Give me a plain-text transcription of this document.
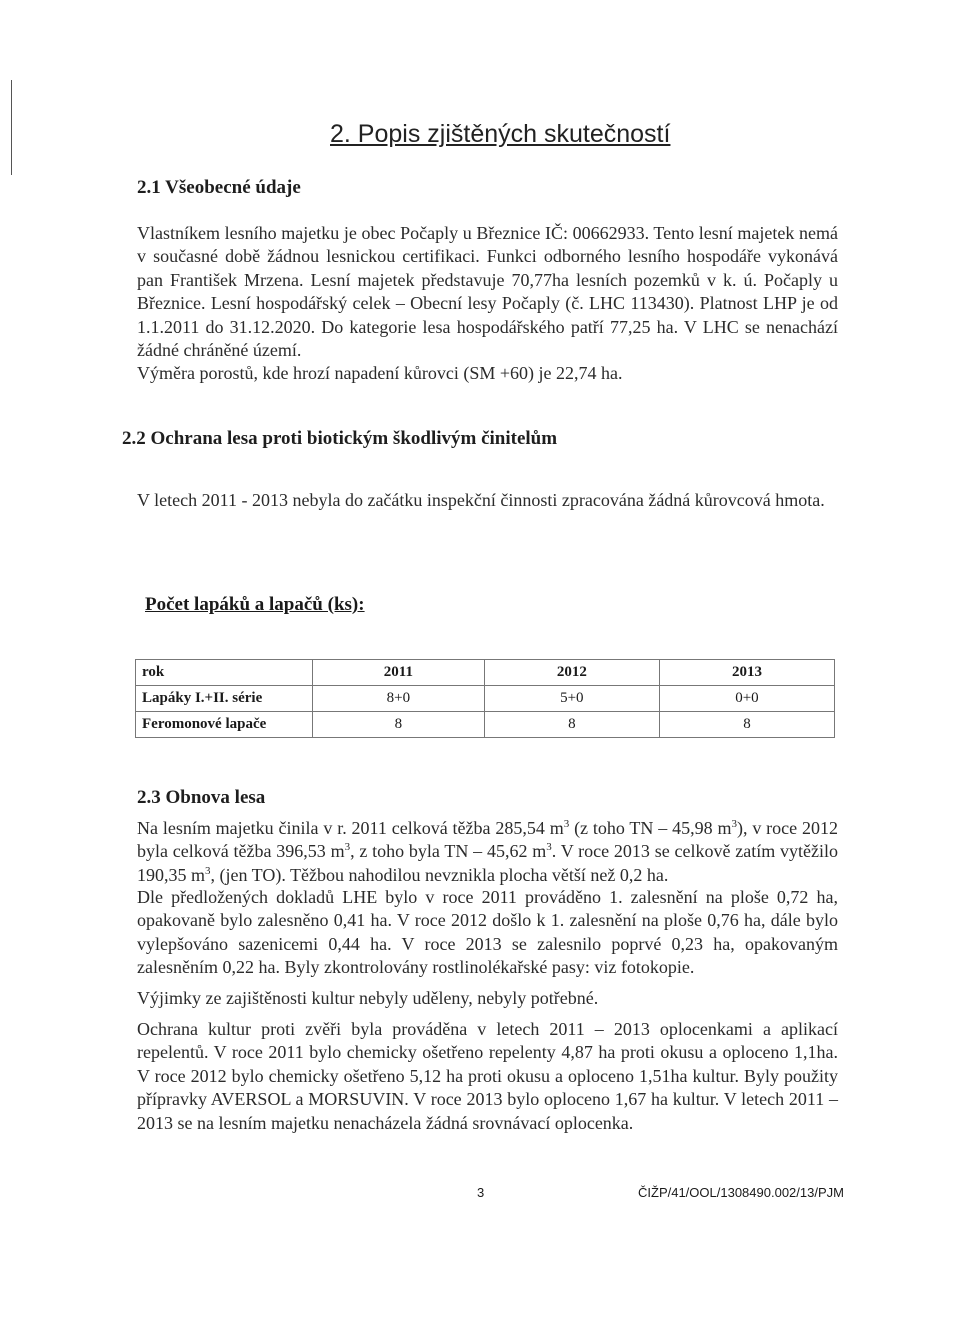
2. Popis zjištěných skutečností
2.1 Všeobecné údaje

Vlastníkem lesního majetku je obec Počaply u Březnice IČ: 00662933. Tento lesní majetek nemá v současné době žádnou lesnickou certifikaci. Funkci odborného lesního hospodáře vykonává pan František Mrzena. Lesní majetek představuje 70,77ha lesních pozemků v k. ú. Počaply u Březnice. Lesní hospodářský celek – Obecní lesy Počaply (č. LHC 113430). Platnost LHP je od 1.1.2011 do 31.12.2020. Do kategorie lesa hospodářského patří 77,25 ha. V LHC se nenachází žádné chráněné území.

Výměra porostů, kde hrozí napadení kůrovci (SM +60) je 22,74 ha.

2.2 Ochrana lesa proti biotickým škodlivým činitelům

V letech 2011 - 2013 nebyla do začátku inspekční činnosti zpracována žádná kůrovcová hmota.

Počet lapáků a lapačů (ks):
rok	2011	2012	2013
Lapáky I.+II. série	8+0	5+0	0+0
Feromonové lapače	8	8	8
2.3 Obnova lesa

Na lesním majetku činila v r. 2011 celková těžba 285,54 $m^3$ (z toho TN – 45,98 $m^3$), v roce 2012 byla celková těžba 396,53 $m^3$, z toho byla TN – 45,62 $m^3$. V roce 2013 se celkově zatím vytěžilo 190,35 $m^3$, (jen TO). Těžbou nahodilou nevznikla plocha větší než 0,2 ha.

Dle předložených dokladů LHE bylo v roce 2011 prováděno 1. zalesnění na ploše 0,72 ha, opakovaně bylo zalesněno 0,41 ha. V roce 2012 došlo k 1. zalesnění na ploše 0,76 ha, dále bylo vylepšováno sazenicemi 0,44 ha. V roce 2013 se zalesnilo poprvé 0,23 ha, opakovaným zalesněním 0,22 ha. Byly zkontrolovány rostlinolékařské pasy: viz fotokopie.

Výjimky ze zajištěnosti kultur nebyly uděleny, nebyly potřebné.

Ochrana kultur proti zvěři byla prováděna v letech 2011 – 2013 oplocenkami a aplikací repelentů. V roce 2011 bylo chemicky ošetřeno repelenty 4,87 ha proti okusu a oploceno 1,1ha. V roce 2012 bylo chemicky ošetřeno 5,12 ha proti okusu a oploceno 1,51ha kultur. Byly použity přípravky AVERSOL a MORSUVIN. V roce 2013 bylo oploceno 1,67 ha kultur. V letech 2011 – 2013 se na lesním majetku nenacházela žádná srovnávací oplocenka.

3	ČIŽP/41/OOL/1308490.002/13/PJM
